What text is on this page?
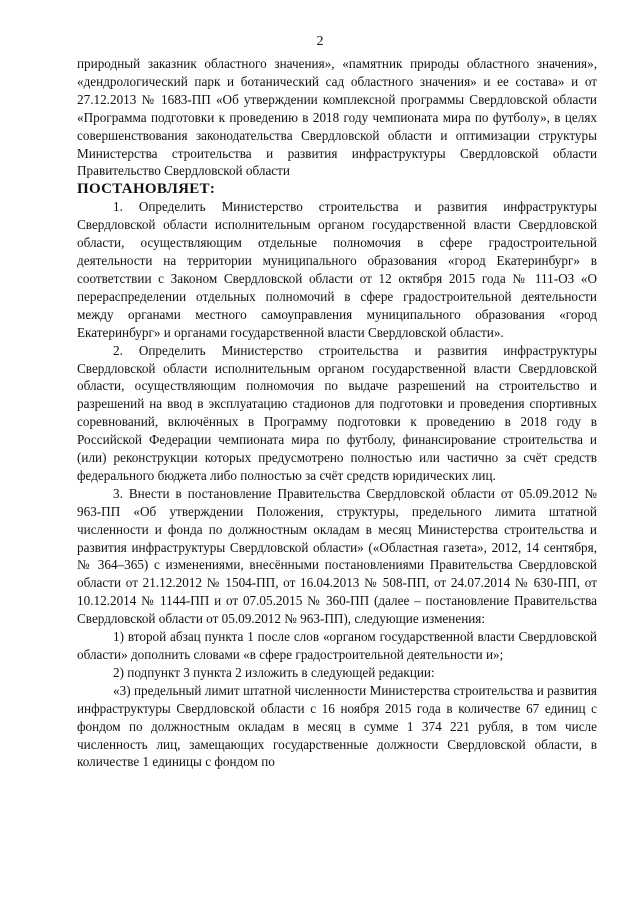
2

природный заказник областного значения», «памятник природы областного значения», «дендрологический парк и ботанический сад областного значения» и ее состава» и от 27.12.2013 № 1683-ПП «Об утверждении комплексной программы Свердловской области «Программа подготовки к проведению в 2018 году чемпионата мира по футболу», в целях совершенствования законодательства Свердловской области и оптимизации структуры Министерства строительства и развития инфраструктуры Свердловской области Правительство Свердловской области

ПОСТАНОВЛЯЕТ:

1. Определить Министерство строительства и развития инфраструктуры Свердловской области исполнительным органом государственной власти Свердловской области, осуществляющим отдельные полномочия в сфере градостроительной деятельности на территории муниципального образования «город Екатеринбург» в соответствии с Законом Свердловской области от 12 октября 2015 года № 111-ОЗ «О перераспределении отдельных полномочий в сфере градостроительной деятельности между органами местного самоуправления муниципального образования «город Екатеринбург» и органами государственной власти Свердловской области».

2. Определить Министерство строительства и развития инфраструктуры Свердловской области исполнительным органом государственной власти Свердловской области, осуществляющим полномочия по выдаче разрешений на строительство и разрешений на ввод в эксплуатацию стадионов для подготовки и проведения спортивных соревнований, включённых в Программу подготовки к проведению в 2018 году в Российской Федерации чемпионата мира по футболу, финансирование строительства и (или) реконструкции которых предусмотрено полностью или частично за счёт средств федерального бюджета либо полностью за счёт средств юридических лиц.

3. Внести в постановление Правительства Свердловской области от 05.09.2012 № 963-ПП «Об утверждении Положения, структуры, предельного лимита штатной численности и фонда по должностным окладам в месяц Министерства строительства и развития инфраструктуры Свердловской области» («Областная газета», 2012, 14 сентября, № 364–365) с изменениями, внесёнными постановлениями Правительства Свердловской области от 21.12.2012 № 1504-ПП, от 16.04.2013 № 508-ПП, от 24.07.2014 № 630-ПП, от 10.12.2014 № 1144-ПП и от 07.05.2015 № 360-ПП (далее – постановление Правительства Свердловской области от 05.09.2012 № 963-ПП), следующие изменения:

1) второй абзац пункта 1 после слов «органом государственной власти Свердловской области» дополнить словами «в сфере градостроительной деятельности и»;

2) подпункт 3 пункта 2 изложить в следующей редакции:

«3) предельный лимит штатной численности Министерства строительства и развития инфраструктуры Свердловской области с 16 ноября 2015 года в количестве 67 единиц с фондом по должностным окладам в месяц в сумме 1 374 221 рубля, в том числе численность лиц, замещающих государственные должности Свердловской области, в количестве 1 единицы с фондом по
